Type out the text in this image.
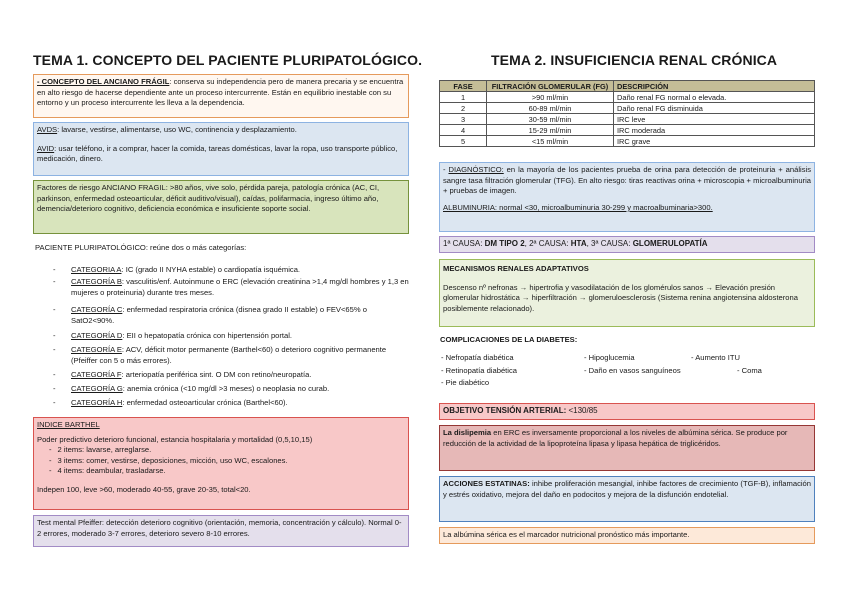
TEMA 1. CONCEPTO DEL PACIENTE PLURIPATOLÓGICO.
- CONCEPTO DEL ANCIANO FRÁGIL: conserva su independencia pero de manera precaria y se encuentra en alto riesgo de hacerse dependiente ante un proceso intercurrente. Están en equilibrio inestable con su entorno y un proceso intercurrente les lleva a la dependencia.
AVDS: lavarse, vestirse, alimentarse, uso WC, continencia y desplazamiento.
AVID: usar teléfono, ir a comprar, hacer la comida, tareas domésticas, lavar la ropa, uso transporte público, medicación, dinero.
Factores de riesgo ANCIANO FRAGIL: >80 años, vive solo, pérdida pareja, patología crónica (AC, CI, parkinson, enfermedad osteoarticular, déficit auditivo/visual), caídas, polifarmacia, ingreso último año, demencia/deterioro cognitivo, deficiencia económica e insuficiente soporte social.
PACIENTE PLURIPATOLÓGICO: reúne dos o más categorías:
- CATEGORIA A: IC (grado II NYHA estable) o cardiopatía isquémica.
- CATEGORÍA B: vasculitis/enf. Autoinmune o ERC (elevación creatinina >1,4 mg/dl hombres y 1,3 en mujeres o proteinuria) durante tres meses.
- CATEGORÍA C: enfermedad respiratoria crónica (disnea grado II estable) o FEV<65% o SatO2<90%.
- CATEGORÍA D: EII o hepatopatía crónica con hipertensión portal.
- CATEGORÍA E: ACV, déficit motor permanente (Barthel<60) o deterioro cognitivo permanente (Pfeiffer con 5 o más errores).
- CATEGORÍA F: arteriopatía periférica sint. O DM con retino/neuropatía.
- CATEGORÍA G: anemia crónica (<10 mg/dl >3 meses) o neoplasia no curab.
- CATEGORÍA H: enfermedad osteoarticular crónica (Barthel<60).
INDICE BARTHEL
Poder predictivo deterioro funcional, estancia hospitalaria y mortalidad (0,5,10,15)
- 2 items: lavarse, arreglarse.
- 3 items: comer, vestirse, deposiciones, micción, uso WC, escalones.
- 4 items: deambular, trasladarse.
Indepen 100, leve >60, moderado 40-55, grave 20-35, total<20.
Test mental Pfeiffer: detección deterioro cognitivo (orientación, memoria, concentración y cálculo). Normal 0-2 errores, moderado 3-7 errores, deterioro severo 8-10 errores.
TEMA 2. INSUFICIENCIA RENAL CRÓNICA
FASE	FILTRACIÓN GLOMERULAR (FG)	DESCRIPCIÓN
1	>90 ml/min	Daño renal FG normal o elevada.
2	60-89 ml/min	Daño renal FG disminuida
3	30-59 ml/min	IRC leve
4	15-29 ml/min	IRC moderada
5	<15 ml/min	IRC grave
- DIAGNÓSTICO: en la mayoría de los pacientes prueba de orina para detección de proteinuria + análisis sangre tasa filtración glomerular (TFG). En alto riesgo: tiras reactivas orina + microscopia + microalbuminuria + pruebas de imagen.
ALBUMINURIA: normal <30, microalbuminuria 30-299 y macroalbuminaria>300.
1ª CAUSA: DM TIPO 2, 2ª CAUSA: HTA, 3ª CAUSA: GLOMERULOPATÍA
MECANISMOS RENALES ADAPTATIVOS
Descenso nº nefronas → hipertrofia y vasodilatación de los glomérulos sanos → Elevación presión glomerular hidrostática → hiperfiltración → glomeruloesclerosis (Sistema renina angiotensina aldosterona posiblemente relacionado).
COMPLICACIONES DE LA DIABETES:
- Nefropatía diabética
- Retinopatía diabética
- Pie diabético
- Hipoglucemia
- Daño en vasos sanguíneos
- Aumento ITU
- Coma
OBJETIVO TENSIÓN ARTERIAL: <130/85
La dislipemia en ERC es inversamente proporcional a los niveles de albúmina sérica. Se produce por reducción de la actividad de la lipoproteína lipasa y lipasa hepática de triglicéridos.
ACCIONES ESTATINAS: inhibe proliferación mesangial, inhibe factores de crecimiento (TGF-B), inflamación y estrés oxidativo, mejora del daño en podocitos y mejora de la disfunción endotelial.
La albúmina sérica es el marcador nutricional pronóstico más importante.
